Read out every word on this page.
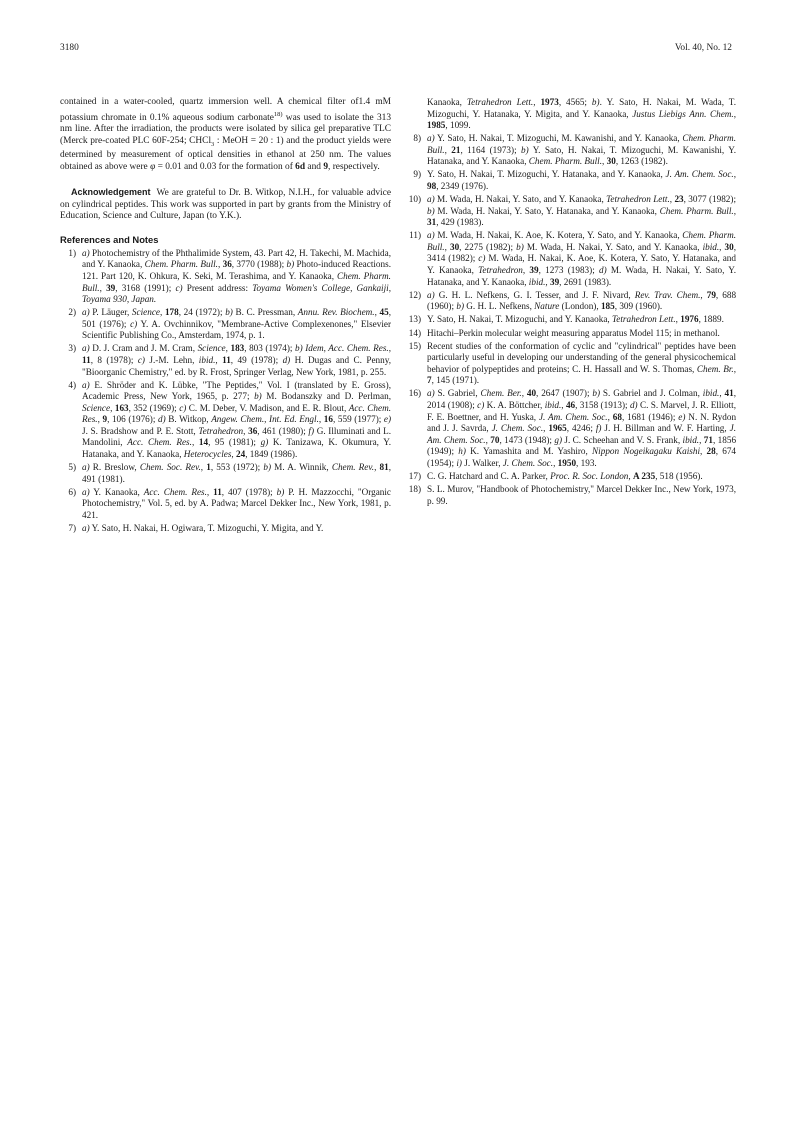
3180	Vol. 40, No. 12

contained in a water-cooled, quartz immersion well. A chemical filter of1.4 mM potassium chromate in 0.1% aqueous sodium carbonate$^{18)}$ was used to isolate the 313 nm line. After the irradiation, the products were isolated by silica gel preparative TLC (Merck pre-coated PLC 60F-254; CHCl$_3$ : MeOH = 20 : 1) and the product yields were determined by measurement of optical densities in ethanol at 250 nm. The values obtained as above were φ = 0.01 and 0.03 for the formation of 6d and 9, respectively.

Acknowledgement We are grateful to Dr. B. Witkop, N.I.H., for valuable advice on cylindrical peptides. This work was supported in part by grants from the Ministry of Education, Science and Culture, Japan (to Y.K.).

References and Notes
1) a) Photochemistry of the Phthalimide System, 43. Part 42, H. Takechi, M. Machida, and Y. Kanaoka, Chem. Pharm. Bull., 36, 3770 (1988); b) Photo-induced Reactions. 121. Part 120, K. Ohkura, K. Seki, M. Terashima, and Y. Kanaoka, Chem. Pharm. Bull., 39, 3168 (1991); c) Present address: Toyama Women's College, Gankaiji, Toyama 930, Japan.
2) a) P. Läuger, Science, 178, 24 (1972); b) B. C. Pressman, Annu. Rev. Biochem., 45, 501 (1976); c) Y. A. Ovchinnikov, "Membrane-Active Complexenones," Elsevier Scientific Publishing Co., Amsterdam, 1974, p. 1.
3) a) D. J. Cram and J. M. Cram, Science, 183, 803 (1974); b) Idem, Acc. Chem. Res., 11, 8 (1978); c) J.-M. Lehn, ibid., 11, 49 (1978); d) H. Dugas and C. Penny, "Bioorganic Chemistry," ed. by R. Frost, Springer Verlag, New York, 1981, p. 255.
4) a) E. Shröder and K. Lübke, "The Peptides," Vol. I (translated by E. Gross), Academic Press, New York, 1965, p. 277; b) M. Bodanszky and D. Perlman, Science, 163, 352 (1969); c) C. M. Deber, V. Madison, and E. R. Blout, Acc. Chem. Res., 9, 106 (1976); d) B. Witkop, Angew. Chem., Int. Ed. Engl., 16, 559 (1977); e) J. S. Bradshow and P. E. Stott, Tetrahedron, 36, 461 (1980); f) G. Illuminati and L. Mandolini, Acc. Chem. Res., 14, 95 (1981); g) K. Tanizawa, K. Okumura, Y. Hatanaka, and Y. Kanaoka, Heterocycles, 24, 1849 (1986).
5) a) R. Breslow, Chem. Soc. Rev., 1, 553 (1972); b) M. A. Winnik, Chem. Rev., 81, 491 (1981).
6) a) Y. Kanaoka, Acc. Chem. Res., 11, 407 (1978); b) P. H. Mazzocchi, "Organic Photochemistry," Vol. 5, ed. by A. Padwa; Marcel Dekker Inc., New York, 1981, p. 421.
7) a) Y. Sato, H. Nakai, H. Ogiwara, T. Mizoguchi, Y. Migita, and Y.
Kanaoka, Tetrahedron Lett., 1973, 4565; b). Y. Sato, H. Nakai, M. Wada, T. Mizoguchi, Y. Hatanaka, Y. Migita, and Y. Kanaoka, Justus Liebigs Ann. Chem., 1985, 1099.
8) a) Y. Sato, H. Nakai, T. Mizoguchi, M. Kawanishi, and Y. Kanaoka, Chem. Pharm. Bull., 21, 1164 (1973); b) Y. Sato, H. Nakai, T. Mizoguchi, M. Kawanishi, Y. Hatanaka, and Y. Kanaoka, Chem. Pharm. Bull., 30, 1263 (1982).
9) Y. Sato, H. Nakai, T. Mizoguchi, Y. Hatanaka, and Y. Kanaoka, J. Am. Chem. Soc., 98, 2349 (1976).
10) a) M. Wada, H. Nakai, Y. Sato, and Y. Kanaoka, Tetrahedron Lett., 23, 3077 (1982); b) M. Wada, H. Nakai, Y. Sato, Y. Hatanaka, and Y. Kanaoka, Chem. Pharm. Bull., 31, 429 (1983).
11) a) M. Wada, H. Nakai, K. Aoe, K. Kotera, Y. Sato, and Y. Kanaoka, Chem. Pharm. Bull., 30, 2275 (1982); b) M. Wada, H. Nakai, Y. Sato, and Y. Kanaoka, ibid., 30, 3414 (1982); c) M. Wada, H. Nakai, K. Aoe, K. Kotera, Y. Sato, Y. Hatanaka, and Y. Kanaoka, Tetrahedron, 39, 1273 (1983); d) M. Wada, H. Nakai, Y. Sato, Y. Hatanaka, and Y. Kanaoka, ibid., 39, 2691 (1983).
12) a) G. H. L. Nefkens, G. I. Tesser, and J. F. Nivard, Rev. Trav. Chem., 79, 688 (1960); b) G. H. L. Nefkens, Nature (London), 185, 309 (1960).
13) Y. Sato, H. Nakai, T. Mizoguchi, and Y. Kanaoka, Tetrahedron Lett., 1976, 1889.
14) Hitachi–Perkin molecular weight measuring apparatus Model 115; in methanol.
15) Recent studies of the conformation of cyclic and "cylindrical" peptides have been particularly useful in developing our understanding of the general physicochemical behavior of polypeptides and proteins; C. H. Hassall and W. S. Thomas, Chem. Br., 7, 145 (1971).
16) a) S. Gabriel, Chem. Ber., 40, 2647 (1907); b) S. Gabriel and J. Colman, ibid., 41, 2014 (1908); c) K. A. Böttcher, ibid., 46, 3158 (1913); d) C. S. Marvel, J. R. Elliott, F. E. Boettner, and H. Yuska, J. Am. Chem. Soc., 68, 1681 (1946); e) N. N. Rydon and J. J. Savrda, J. Chem. Soc., 1965, 4246; f) J. H. Billman and W. F. Harting, J. Am. Chem. Soc., 70, 1473 (1948); g) J. C. Scheehan and V. S. Frank, ibid., 71, 1856 (1949); h) K. Yamashita and M. Yashiro, Nippon Nogeikagaku Kaishi, 28, 674 (1954); i) J. Walker, J. Chem. Soc., 1950, 193.
17) C. G. Hatchard and C. A. Parker, Proc. R. Soc. London, A 235, 518 (1956).
18) S. L. Murov, "Handbook of Photochemistry," Marcel Dekker Inc., New York, 1973, p. 99.
